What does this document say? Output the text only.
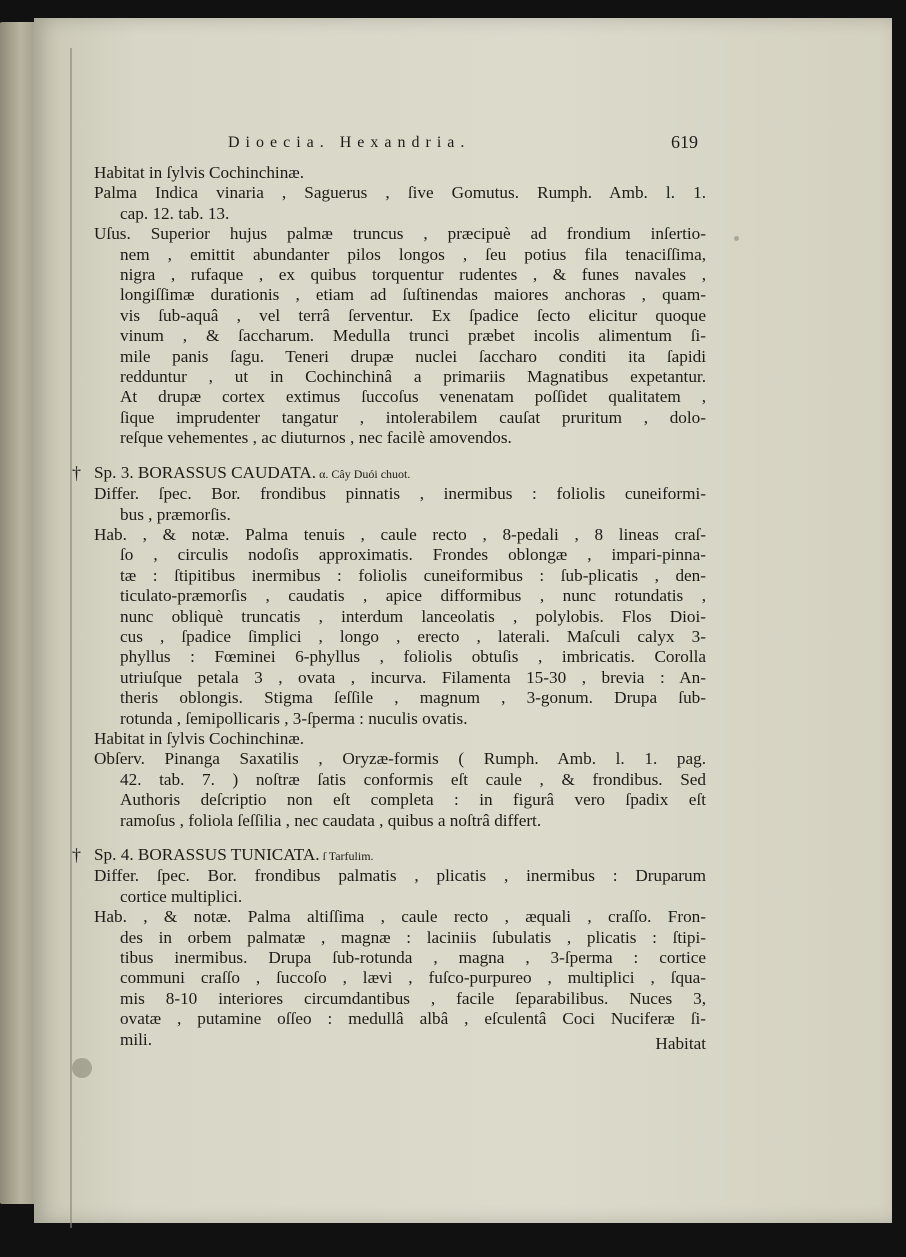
Dioecia. Hexandria.	619
Habitat in ſylvis Cochinchinæ.
Palma Indica vinaria , Saguerus , ſive Gomutus. Rumph. Amb. l. 1.
cap. 12. tab. 13.
Uſus. Superior hujus palmæ truncus , præcipuè ad frondium inſertio-
nem , emittit abundanter pilos longos , ſeu potius fila tenaciſſima,
nigra , rufaque , ex quibus torquentur rudentes , & funes navales ,
longiſſimæ durationis , etiam ad ſuſtinendas maiores anchoras , quam-
vis ſub-aquâ , vel terrâ ſerventur. Ex ſpadice ſecto elicitur quoque
vinum , & ſaccharum. Medulla trunci præbet incolis alimentum ſi-
mile panis ſagu. Teneri drupæ nuclei ſaccharo conditi ita ſapidi
redduntur , ut in Cochinchinâ a primariis Magnatibus expetantur.
At drupæ cortex extimus ſuccoſus venenatam poſſidet qualitatem ,
ſique imprudenter tangatur , intolerabilem cauſat pruritum , dolo-
reſque vehementes , ac diuturnos , nec facilè amovendos.
† Sp. 3. BORASSUS CAUDATA. α. Cây Duói chuot.
Differ. ſpec. Bor. frondibus pinnatis , inermibus : foliolis cuneiformi-
bus , præmorſis.
Hab. , & notæ. Palma tenuis , caule recto , 8-pedali , 8 lineas craſ-
ſo , circulis nodoſis approximatis. Frondes oblongæ , impari-pinna-
tæ : ſtipitibus inermibus : foliolis cuneiformibus : ſub-plicatis , den-
ticulato-præmorſis , caudatis , apice difformibus , nunc rotundatis ,
nunc obliquè truncatis , interdum lanceolatis , polylobis. Flos Dioi-
cus , ſpadice ſimplici , longo , erecto , laterali. Maſculi calyx 3-
phyllus : Fœminei 6-phyllus , foliolis obtuſis , imbricatis. Corolla
utriuſque petala 3 , ovata , incurva. Filamenta 15-30 , brevia : An-
theris oblongis. Stigma ſeſſile , magnum , 3-gonum. Drupa ſub-
rotunda , ſemipollicaris , 3-ſperma : nuculis ovatis.
Habitat in ſylvis Cochinchinæ.
Obſerv. Pinanga Saxatilis , Oryzæ-formis ( Rumph. Amb. l. 1. pag.
42. tab. 7. ) noſtræ ſatis conformis eſt caule , & frondibus. Sed
Authoris deſcriptio non eſt completa : in figurâ vero ſpadix eſt
ramoſus , foliola ſeſſilia , nec caudata , quibus a noſtrâ differt.
† Sp. 4. BORASSUS TUNICATA. ſ Tarfulim.
Differ. ſpec. Bor. frondibus palmatis , plicatis , inermibus : Druparum
cortice multiplici.
Hab. , & notæ. Palma altiſſima , caule recto , æquali , craſſo. Fron-
des in orbem palmatæ , magnæ : laciniis ſubulatis , plicatis : ſtipi-
tibus inermibus. Drupa ſub-rotunda , magna , 3-ſperma : cortice
communi craſſo , ſuccoſo , lævi , fuſco-purpureo , multiplici , ſqua-
mis 8-10 interiores circumdantibus , facile ſeparabilibus. Nuces 3,
ovatæ , putamine oſſeo : medullâ albâ , eſculentâ Coci Nuciferæ ſi-
mili.	Habitat
